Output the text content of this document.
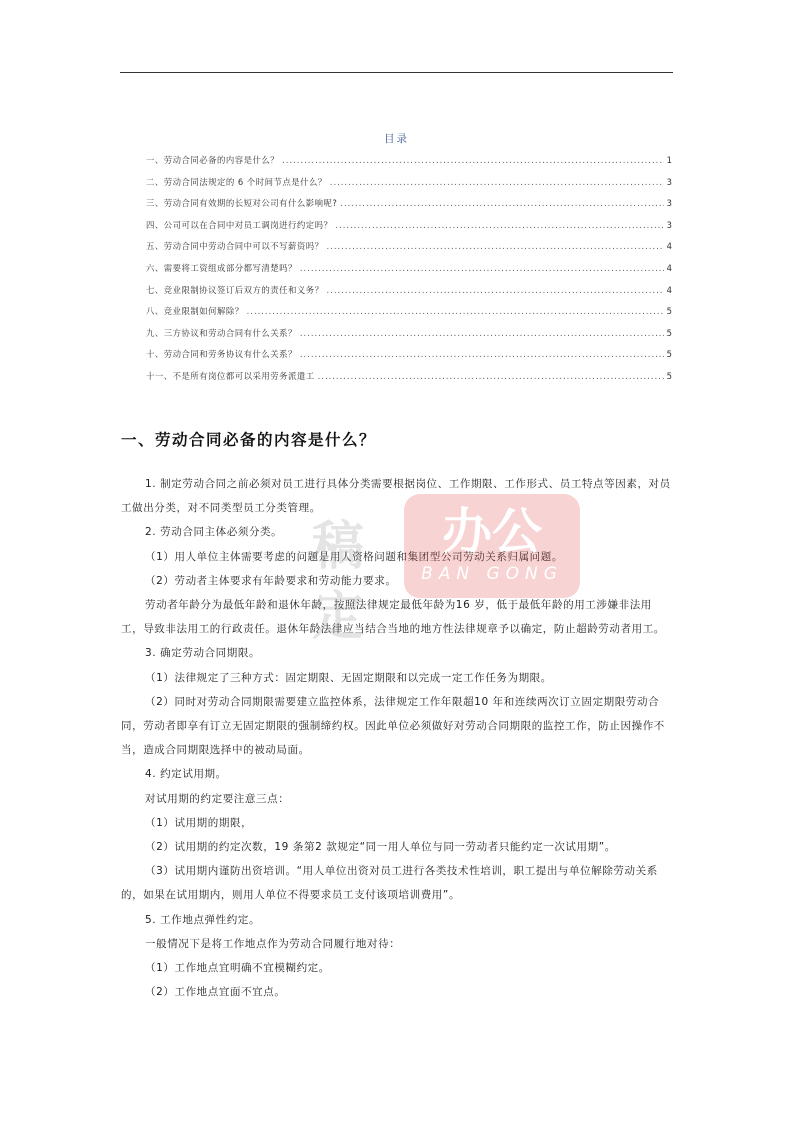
目录
一、劳动合同必备的内容是什么？ .....	1
二、劳动合同法规定的 6 个时间节点是什么？ .....	3
三、劳动合同有效期的长短对公司有什么影响呢? .....	3
四、公司可以在合同中对员工调岗进行约定吗？ .....	3
五、劳动合同中劳动合同中可以不写薪资吗？ .....	4
六、需要将工资组成部分都写清楚吗？ .....	4
七、竞业限制协议签订后双方的责任和义务？ .....	4
八、竞业限制如何解除？ .....	5
九、三方协议和劳动合同有什么关系？ .....	5
十、劳动合同和劳务协议有什么关系？ .....	5
十一、不是所有岗位都可以采用劳务派遣工 .....	5
一、劳动合同必备的内容是什么？

1. 制定劳动合同之前必须对员工进行具体分类需要根据岗位、工作期限、工作形式、员工特点等因素，对员工做出分类，对不同类型员工分类管理。

2. 劳动合同主体必须分类。

（1）用人单位主体需要考虑的问题是用人资格问题和集团型公司劳动关系归属问题。

（2）劳动者主体要求有年龄要求和劳动能力要求。

劳动者年龄分为最低年龄和退休年龄，按照法律规定最低年龄为16 岁，低于最低年龄的用工涉嫌非法用工，导致非法用工的行政责任。退休年龄法律应当结合当地的地方性法律规章予以确定，防止超龄劳动者用工。

3. 确定劳动合同期限。

（1）法律规定了三种方式：固定期限、无固定期限和以完成一定工作任务为期限。

（2）同时对劳动合同期限需要建立监控体系，法律规定工作年限超10 年和连续两次订立固定期限劳动合同，劳动者即享有订立无固定期限的强制缔约权。因此单位必须做好对劳动合同期限的监控工作，防止因操作不当，造成合同期限选择中的被动局面。

4. 约定试用期。

对试用期的约定要注意三点：

（1）试用期的期限，

（2）试用期的约定次数，19 条第2 款规定“同一用人单位与同一劳动者只能约定一次试用期”。

（3）试用期内谨防出资培训。“用人单位出资对员工进行各类技术性培训，职工提出与单位解除劳动关系的，如果在试用期内，则用人单位不得要求员工支付该项培训费用”。

5. 工作地点弹性约定。

一般情况下是将工作地点作为劳动合同履行地对待：

（1）工作地点宜明确不宜模糊约定。

（2）工作地点宜面不宜点。

稿定
办公
BAN GONG
